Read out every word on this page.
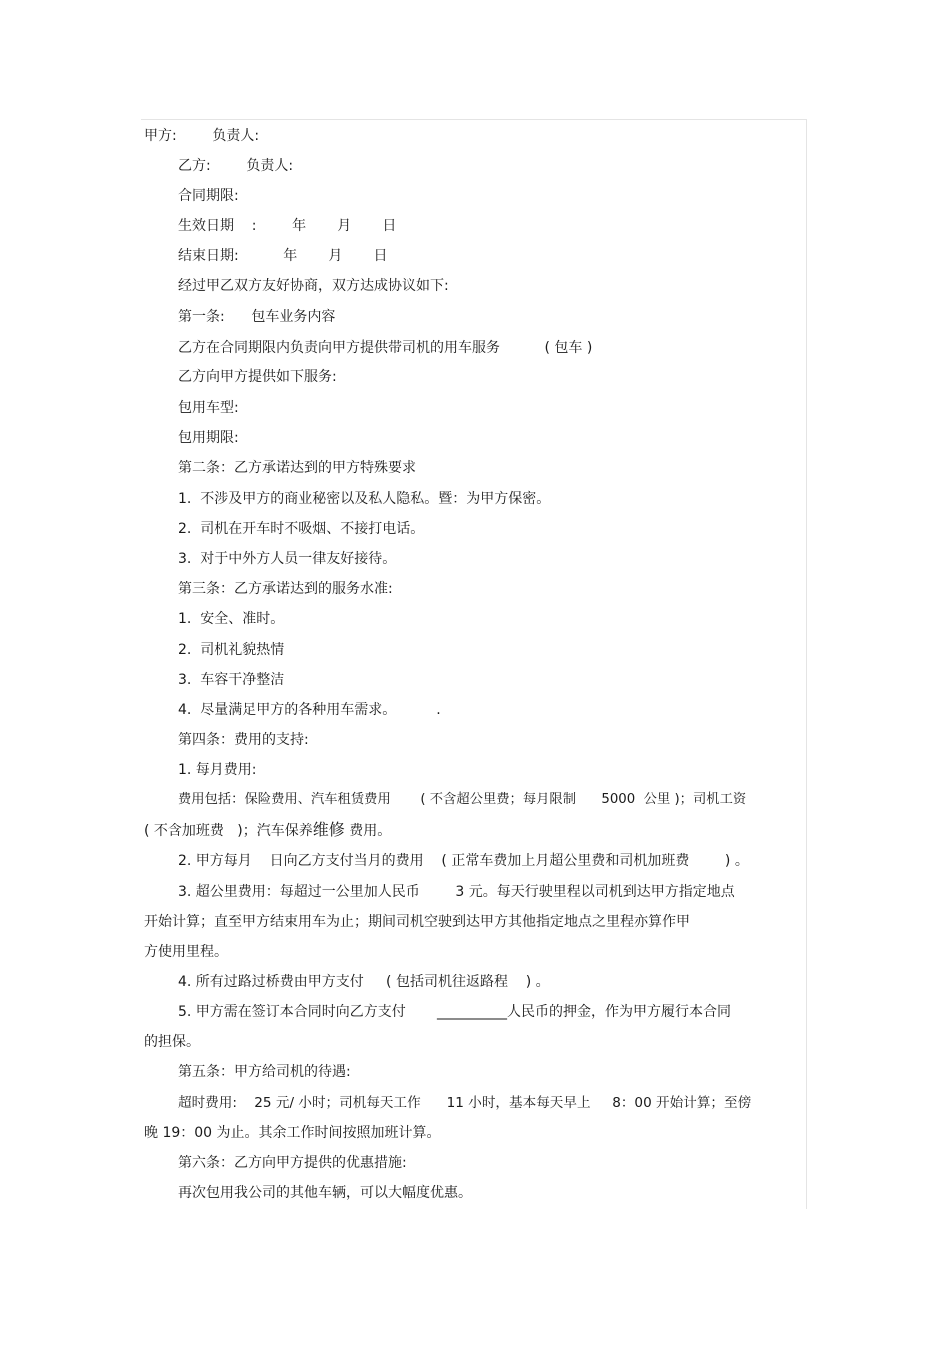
甲方:        负责人:
乙方:        负责人:
合同期限:
生效日期    :        年       月       日
结束日期:          年       月       日
经过甲乙双方友好协商，双方达成协议如下:
第一条:      包车业务内容
乙方在合同期限内负责向甲方提供带司机的用车服务          ( 包车 )
乙方向甲方提供如下服务:
包用车型:
包用期限:
第二条：乙方承诺达到的甲方特殊要求
1.  不涉及甲方的商业秘密以及私人隐私。暨：为甲方保密。
2.  司机在开车时不吸烟、不接打电话。
3.  对于中外方人员一律友好接待。
第三条：乙方承诺达到的服务水准:
1.  安全、准时。
2.  司机礼貌热情
3.  车容干净整洁
4.  尽量满足甲方的各种用车需求。         .
第四条：费用的支持:
1. 每月费用:
费用包括：保险费用、汽车租赁费用       ( 不含超公里费；每月限制      5000  公里 )；司机工资
( 不含加班费   )；汽车保养维修 费用。
2. 甲方每月    日向乙方支付当月的费用    ( 正常车费加上月超公里费和司机加班费        ) 。
3. 超公里费用：每超过一公里加人民币        3 元。每天行驶里程以司机到达甲方指定地点
开始计算；直至甲方结束用车为止；期间司机空驶到达甲方其他指定地点之里程亦算作甲
方使用里程。
4. 所有过路过桥费由甲方支付     ( 包括司机往返路程    ) 。
5. 甲方需在签订本合同时向乙方支付       __________人民币的押金，作为甲方履行本合同
的担保。
第五条：甲方给司机的待遇:
超时费用:    25 元/ 小时；司机每天工作      11 小时，基本每天早上     8：00 开始计算；至傍
晚 19：00 为止。其余工作时间按照加班计算。
第六条：乙方向甲方提供的优惠措施:
再次包用我公司的其他车辆，可以大幅度优惠。
